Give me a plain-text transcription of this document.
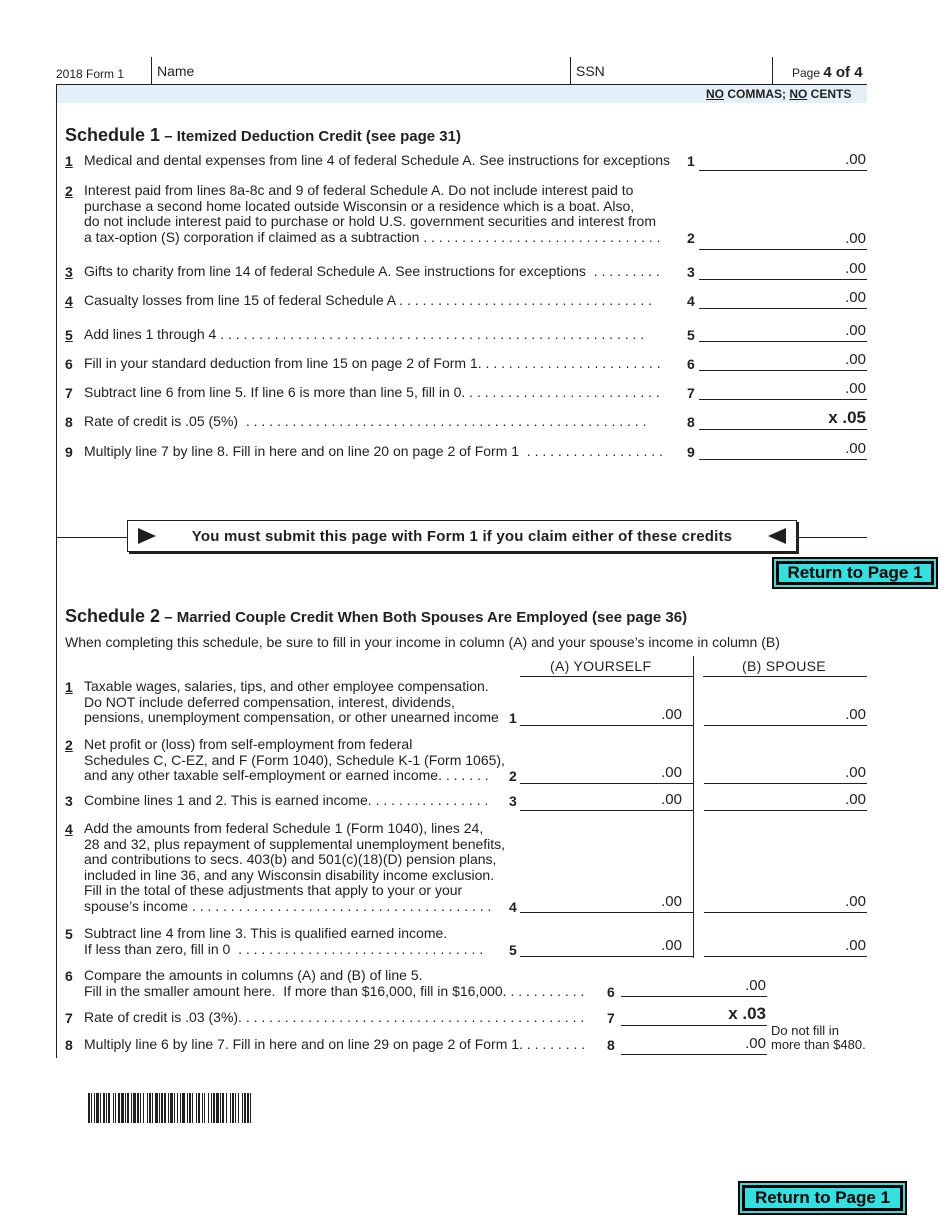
2018 Form 1 Name	SSN	Page 4 of 4
NO COMMAS; NO CENTS
Schedule 1 – Itemized Deduction Credit (see page 31)
1 Medical and dental expenses from line 4 of federal Schedule A. See instructions for exceptions 1	.00
2 Interest paid from lines 8a-8c and 9 of federal Schedule A. Do not include interest paid to
purchase a second home located outside Wisconsin or a residence which is a boat. Also,
do not include interest paid to purchase or hold U.S. government securities and interest from
a tax-option (S) corporation if claimed as a subtraction . . . . . . . . . . . . . . . . . . . . . . . . . . . . . . . 2	.00
3 Gifts to charity from line 14 of federal Schedule A. See instructions for exceptions  . . . . . . . . . 3	.00
4 Casualty losses from line 15 of federal Schedule A . . . . . . . . . . . . . . . . . . . . . . . . . . . . . . . . . 4	.00
5 Add lines 1 through 4 . . . . . . . . . . . . . . . . . . . . . . . . . . . . . . . . . . . . . . . . . . . . . . . . . . . . . . .	5	.00
6 Fill in your standard deduction from line 15 on page 2 of Form 1. . . . . . . . . . . . . . . . . . . . . . . . 6	.00
7 Subtract line 6 from line 5. If line 6 is more than line 5, fill in 0. . . . . . . . . . . . . . . . . . . . . . . . . . 7	.00
8 Rate of credit is .05 (5%)  . . . . . . . . . . . . . . . . . . . . . . . . . . . . . . . . . . . . . . . . . . . . . . . . . . . .	8	x .05
9 Multiply line 7 by line 8. Fill in here and on line 20 on page 2 of Form 1  . . . . . . . . . . . . . . . . . . 9	.00
You must submit this page with Form 1 if you claim either of these credits
Return to Page 1
Schedule 2 – Married Couple Credit When Both Spouses Are Employed (see page 36)
When completing this schedule, be sure to fill in your income in column (A) and your spouse’s income in column (B)
(A) YOURSELF	(B) SPOUSE
1 Taxable wages, salaries, tips, and other employee compensation.
Do NOT include deferred compensation, interest, dividends,
pensions, unemployment compensation, or other unearned income 1	.00	.00
2 Net profit or (loss) from self-employment from federal
Schedules C, C-EZ, and F (Form 1040), Schedule K-1 (Form 1065),
and any other taxable self-employment or earned income. . . . . . .	2	.00	.00
3 Combine lines 1 and 2. This is earned income. . . . . . . . . . . . . . . . 3	.00	.00
4 Add the amounts from federal Schedule 1 (Form 1040), lines 24,
28 and 32, plus repayment of supplemental unemployment benefits,
and contributions to secs. 403(b) and 501(c)(18)(D) pension plans,
included in line 36, and any Wisconsin disability income exclusion.
Fill in the total of these adjustments that apply to your or your
spouse’s income . . . . . . . . . . . . . . . . . . . . . . . . . . . . . . . . . . . . . . .	4	.00	.00
5 Subtract line 4 from line 3. This is qualified earned income.
If less than zero, fill in 0  . . . . . . . . . . . . . . . . . . . . . . . . . . . . . . . . 5	.00	.00
6 Compare the amounts in columns (A) and (B) of line 5.
Fill in the smaller amount here.  If more than $16,000, fill in $16,000. . . . . . . . . . . 6	.00
7 Rate of credit is .03 (3%). . . . . . . . . . . . . . . . . . . . . . . . . . . . . . . . . . . . . . . . . . . . . 7	x .03
8 Multiply line 6 by line 7. Fill in here and on line 29 on page 2 of Form 1. . . . . . . . . 8	.00
Do not fill in
more than $480.
Return to Page 1
